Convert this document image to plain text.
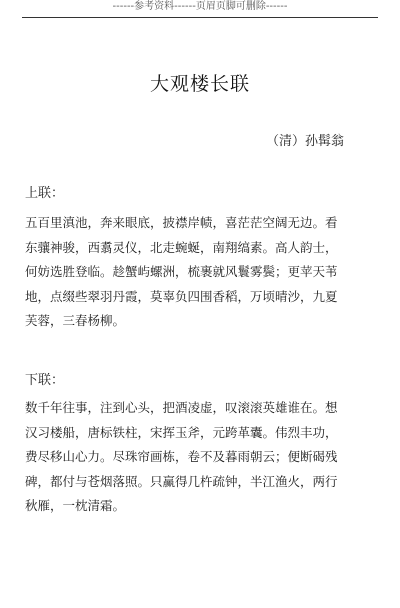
------参考资料------页眉页脚可删除------
大观楼长联
（清）孙髯翁
上联：
五百里滇池，奔来眼底，披襟岸帻，喜茫茫空阔无边。看
东骧神骏，西翥灵仪，北走蜿蜒，南翔缟素。高人韵士，
何妨选胜登临。趁蟹屿螺洲，梳裹就风鬟雾鬓；更苹天苇
地，点缀些翠羽丹霞，莫辜负四围香稻，万顷晴沙，九夏
芙蓉，三春杨柳。
下联：
数千年往事，注到心头，把酒凌虚，叹滚滚英雄谁在。想
汉习楼船，唐标铁柱，宋挥玉斧，元跨革囊。伟烈丰功，
费尽移山心力。尽珠帘画栋，卷不及暮雨朝云；便断碣残
碑，都付与苍烟落照。只赢得几杵疏钟，半江渔火，两行
秋雁，一枕清霜。
